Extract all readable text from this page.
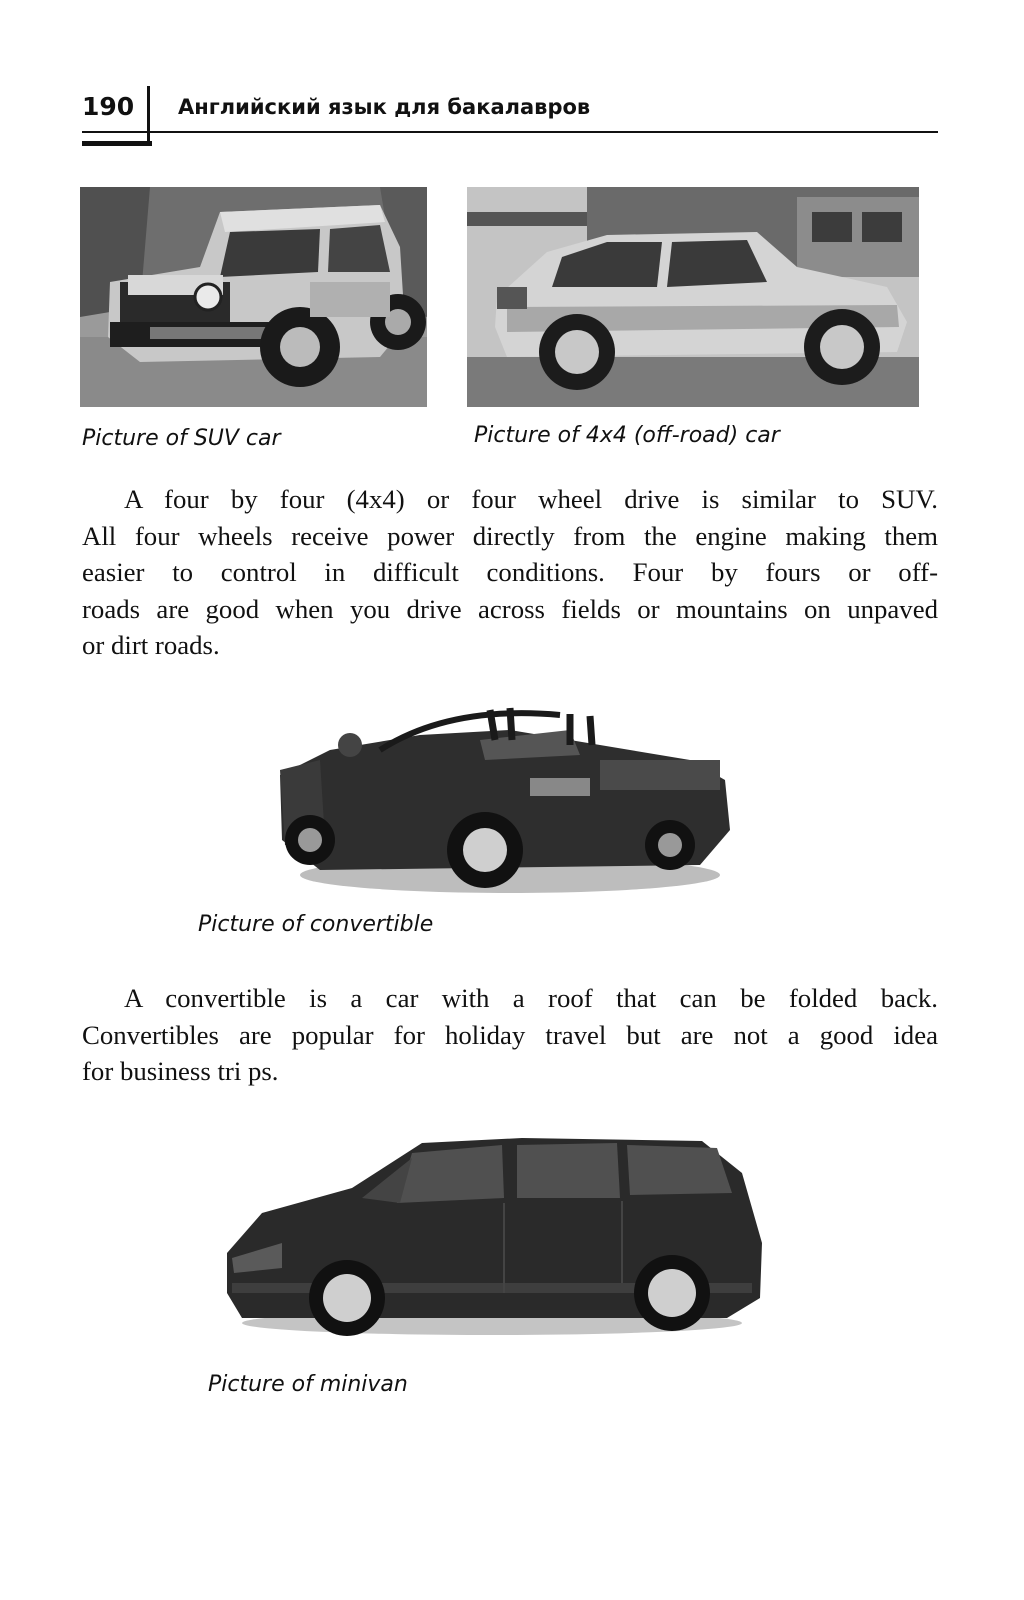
190 Английский язык для бакалавров
Picture of SUV car	Picture of 4x4 (off-road) car
A four by four (4x4) or four wheel drive is similar to SUV.
All four wheels receive power directly from the engine making them
easier to control in difficult conditions. Four by fours or off-
roads are good when you drive across fields or mountains on unpaved
or dirt roads.
Picture of convertible
A convertible is a car with a roof that can be folded back.
Convertibles are popular for holiday travel but are not a good idea
for business tri ps.
Picture of minivan
